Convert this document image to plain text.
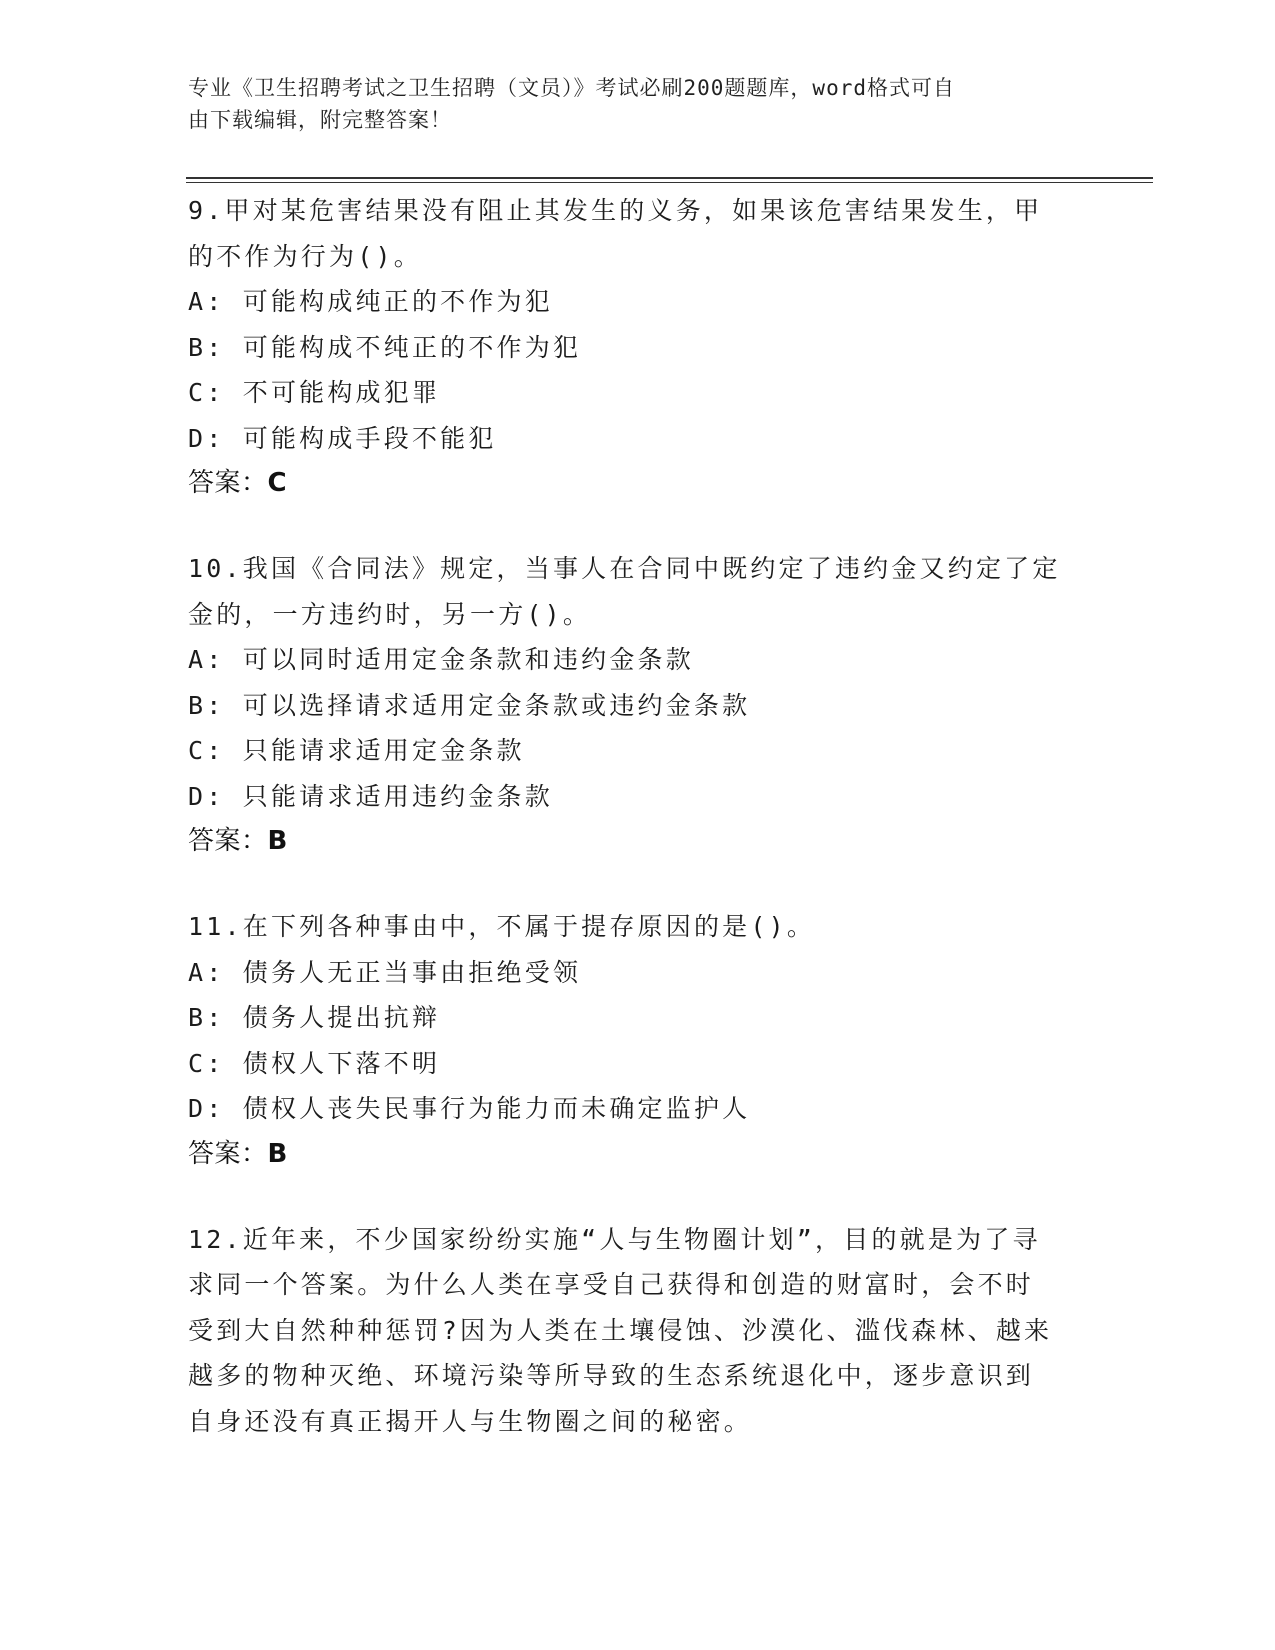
专业《卫生招聘考试之卫生招聘（文员）》考试必刷200题题库，word格式可自
由下载编辑，附完整答案！
9.甲对某危害结果没有阻止其发生的义务，如果该危害结果发生，甲
的不作为行为()。
A: 可能构成纯正的不作为犯
B: 可能构成不纯正的不作为犯
C: 不可能构成犯罪
D: 可能构成手段不能犯
答案：C
10.我国《合同法》规定，当事人在合同中既约定了违约金又约定了定
金的，一方违约时，另一方()。
A: 可以同时适用定金条款和违约金条款
B: 可以选择请求适用定金条款或违约金条款
C: 只能请求适用定金条款
D: 只能请求适用违约金条款
答案：B
11.在下列各种事由中，不属于提存原因的是()。
A: 债务人无正当事由拒绝受领
B: 债务人提出抗辩
C: 债权人下落不明
D: 债权人丧失民事行为能力而未确定监护人
答案：B
12.近年来，不少国家纷纷实施“人与生物圈计划”，目的就是为了寻
求同一个答案。为什么人类在享受自己获得和创造的财富时，会不时
受到大自然种种惩罚?因为人类在土壤侵蚀、沙漠化、滥伐森林、越来
越多的物种灭绝、环境污染等所导致的生态系统退化中，逐步意识到
自身还没有真正揭开人与生物圈之间的秘密。
